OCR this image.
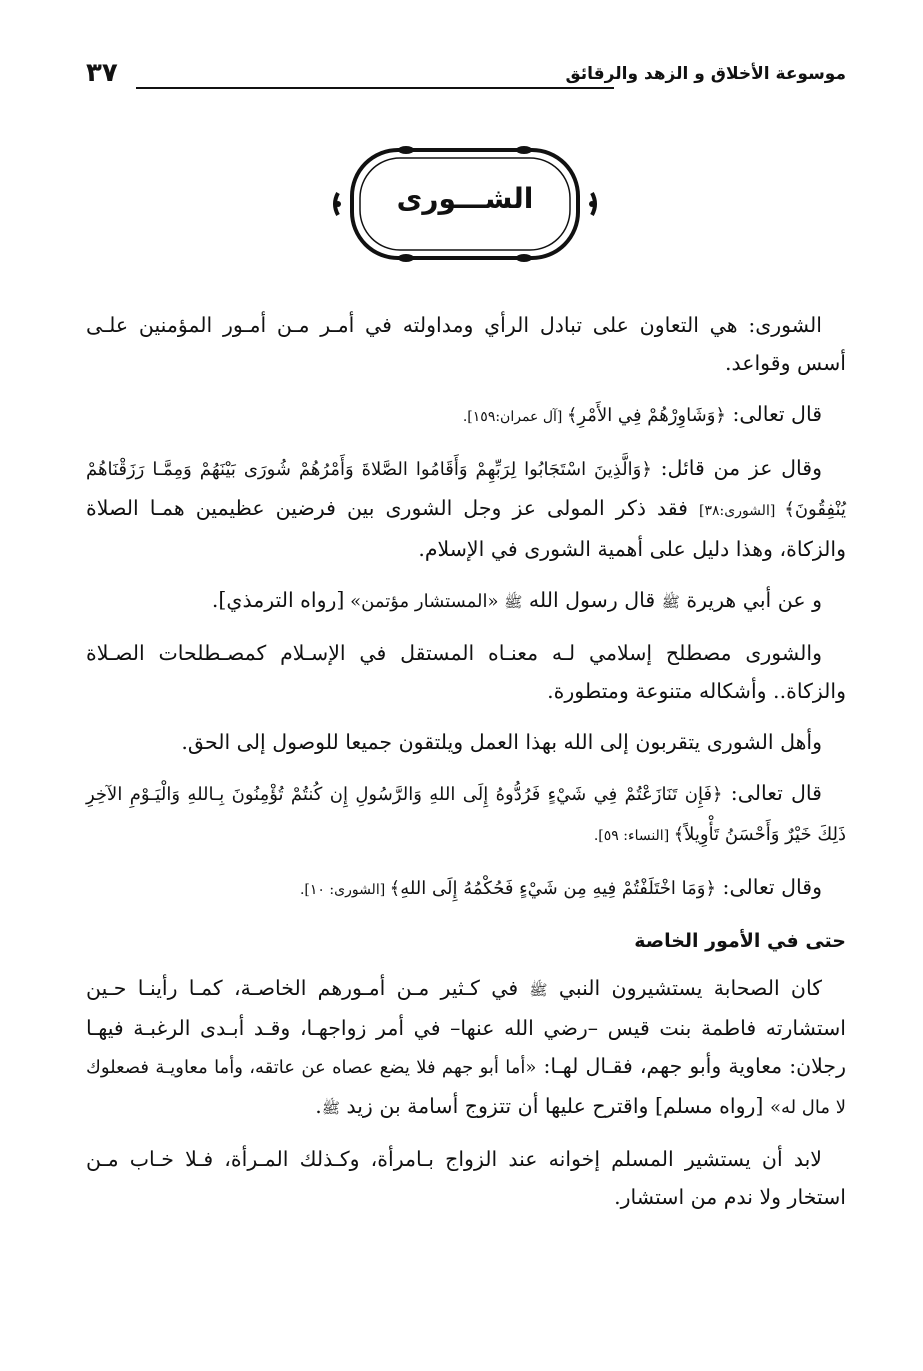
موسوعة الأخلاق و الزهد والرقائق
٣٧
الشـــورى

الشورى: هي التعاون على تبادل الرأي ومداولته في أمـر مـن أمـور المؤمنين علـى أسس وقواعد.

قال تعالى: ﴿وَشَاوِرْهُمْ فِي الأَمْرِ﴾ [آل عمران:١٥٩].

وقال عز من قائل: ﴿وَالَّذِينَ اسْتَجَابُوا لِرَبِّهِمْ وَأَقَامُوا الصَّلاةَ وَأَمْرُهُمْ شُورَى بَيْنَهُمْ وَمِمَّـا رَزَقْنَاهُمْ يُنْفِقُونَ﴾ [الشورى:٣٨] فقد ذكر المولى عز وجل الشورى بين فرضين عظيمين همـا الصلاة والزكاة، وهذا دليل على أهمية الشورى في الإسلام.

و عن أبي هريرة ﷺ قال رسول الله ﷺ «المستشار مؤتمن» [رواه الترمذي].

والشورى مصطلح إسلامي لـه معنـاه المستقل في الإسـلام كمصـطلحات الصـلاة والزكاة.. وأشكاله متنوعة ومتطورة.

وأهل الشورى يتقربون إلى الله بهذا العمل ويلتقون جميعا للوصول إلى الحق.

قال تعالى: ﴿فَإِن تَنَازَعْتُمْ فِي شَيْءٍ فَرُدُّوهُ إِلَى اللهِ وَالرَّسُولِ إِن كُنتُمْ تُؤْمِنُونَ بِـاللهِ وَالْيَـوْمِ الآخِرِ ذَلِكَ خَيْرٌ وَأَحْسَنُ تَأْوِيلاً﴾ [النساء: ٥٩].

وقال تعالى: ﴿وَمَا اخْتَلَفْتُمْ فِيهِ مِن شَيْءٍ فَحُكْمُهُ إِلَى اللهِ﴾ [الشورى: ١٠].

حتى في الأمور الخاصة

كان الصحابة يستشيرون النبي ﷺ في كـثير مـن أمـورهم الخاصـة، كمـا رأينـا حـين استشارته فاطمة بنت قيس –رضي الله عنها– في أمر زواجهـا، وقـد أبـدى الرغبـة فيهـا رجلان: معاوية وأبو جهم، فقـال لهـا: «أما أبو جهم فلا يضع عصاه عن عاتقه، وأما معاويـة فصعلوك لا مال له» [رواه مسلم] واقترح عليها أن تتزوج أسامة بن زيد ﷺ.

لابد أن يستشير المسلم إخوانه عند الزواج بـامرأة، وكـذلك المـرأة، فـلا خـاب مـن استخار ولا ندم من استشار.
